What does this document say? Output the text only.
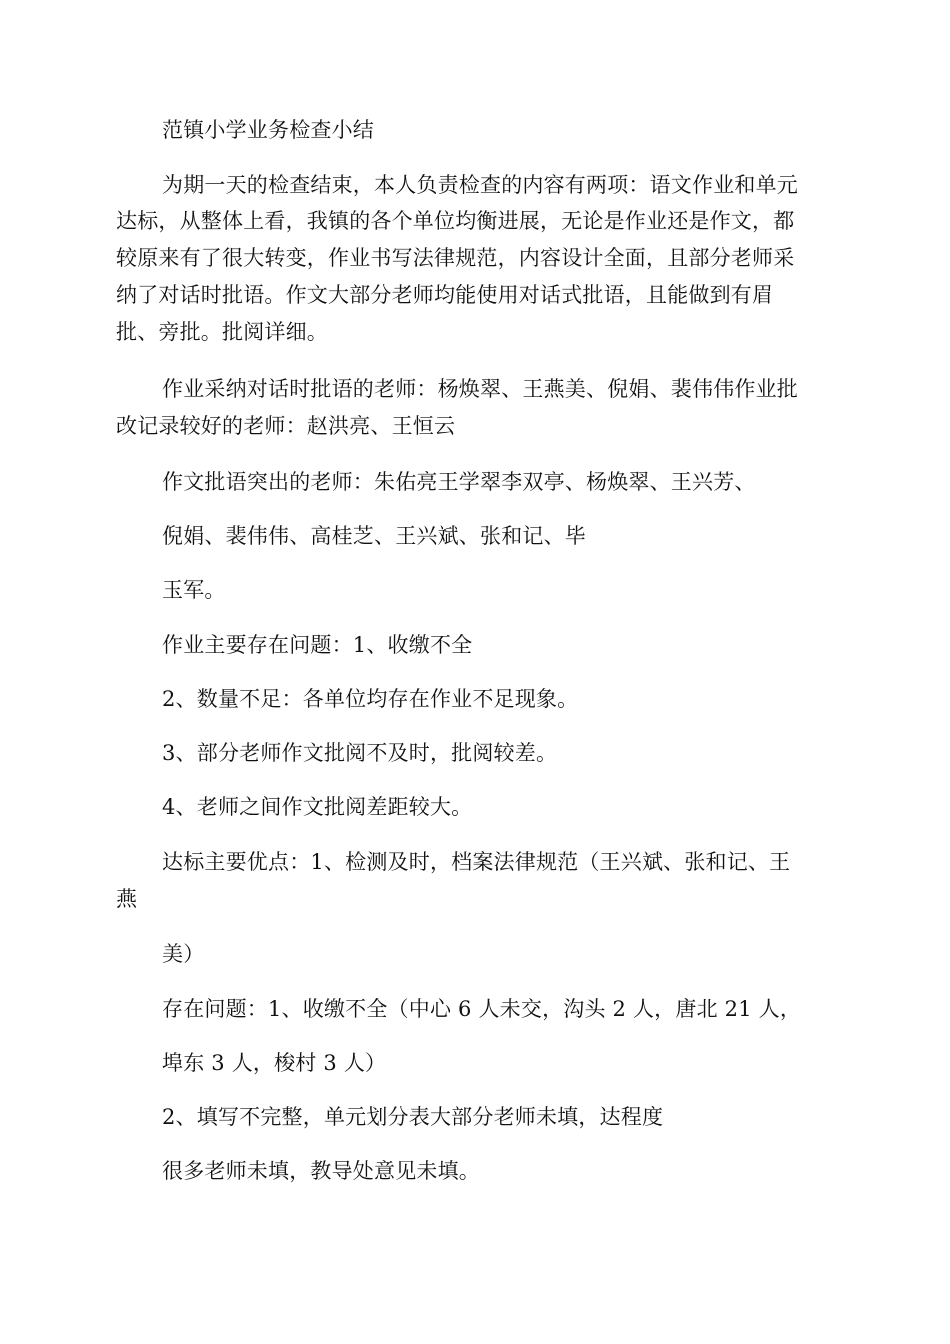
范镇小学业务检查小结
为期一天的检查结束，本人负责检查的内容有两项：语文作业和单元
达标，从整体上看，我镇的各个单位均衡进展，无论是作业还是作文，都
较原来有了很大转变，作业书写法律规范，内容设计全面，且部分老师采
纳了对话时批语。作文大部分老师均能使用对话式批语，且能做到有眉
批、旁批。批阅详细。
作业采纳对话时批语的老师：杨焕翠、王燕美、倪娟、裴伟伟作业批
改记录较好的老师：赵洪亮、王恒云
作文批语突出的老师：朱佑亮王学翠李双亭、杨焕翠、王兴芳、
倪娟、裴伟伟、高桂芝、王兴斌、张和记、毕
玉军。
作业主要存在问题：1、收缴不全
2、数量不足：各单位均存在作业不足现象。
3、部分老师作文批阅不及时，批阅较差。
4、老师之间作文批阅差距较大。
达标主要优点：1、检测及时，档案法律规范（王兴斌、张和记、王
燕
美）
存在问题：1、收缴不全（中心 6 人未交，沟头 2 人，唐北 21 人，
埠东 3 人，梭村 3 人）
2、填写不完整，单元划分表大部分老师未填，达程度
很多老师未填，教导处意见未填。
